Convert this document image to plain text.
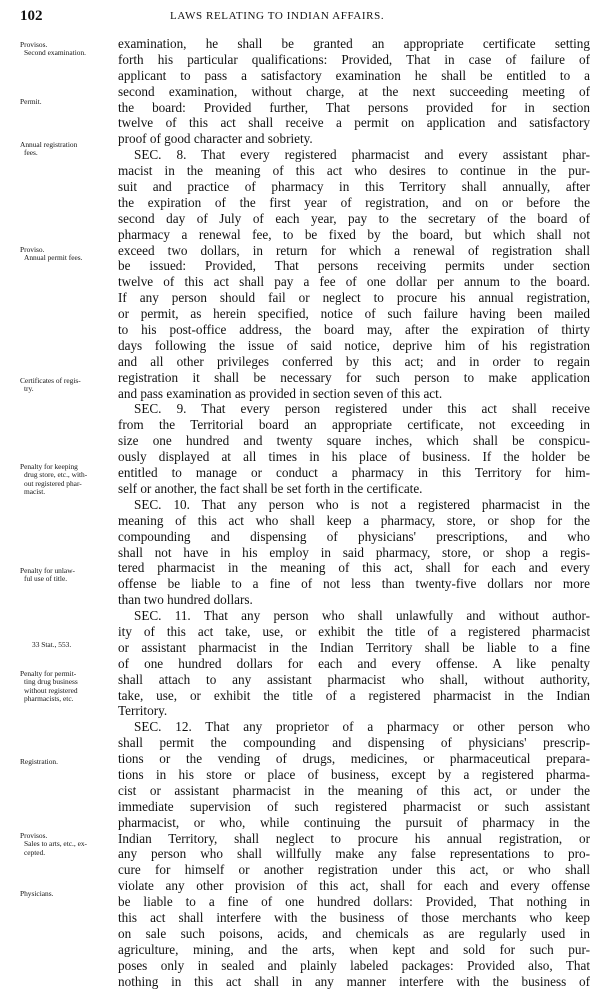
102	LAWS RELATING TO INDIAN AFFAIRS.
Provisos.
Second examination.
Permit.
Annual registration
fees.
Proviso.
Annual permit fees.
Certificates of regis-
try.
Penalty for keeping
drug store, etc., with-
out registered phar-
macist.
Penalty for unlaw-
ful use of title.
33 Stat., 553.
Penalty for permit-
ting drug business
without registered
pharmacists, etc.
Registration.
Provisos.
Sales to arts, etc., ex-
cepted.
Physicians.
examination, he shall be granted an appropriate certificate setting
forth his particular qualifications: Provided, That in case of failure of
applicant to pass a satisfactory examination he shall be entitled to a
second examination, without charge, at the next succeeding meeting of
the board: Provided further, That persons provided for in section
twelve of this act shall receive a permit on application and satisfactory
proof of good character and sobriety.
SEC. 8. That every registered pharmacist and every assistant phar-
macist in the meaning of this act who desires to continue in the pur-
suit and practice of pharmacy in this Territory shall annually, after
the expiration of the first year of registration, and on or before the
second day of July of each year, pay to the secretary of the board of
pharmacy a renewal fee, to be fixed by the board, but which shall not
exceed two dollars, in return for which a renewal of registration shall
be issued: Provided, That persons receiving permits under section
twelve of this act shall pay a fee of one dollar per annum to the board.
If any person should fail or neglect to procure his annual registration,
or permit, as herein specified, notice of such failure having been mailed
to his post-office address, the board may, after the expiration of thirty
days following the issue of said notice, deprive him of his registration
and all other privileges conferred by this act; and in order to regain
registration it shall be necessary for such person to make application
and pass examination as provided in section seven of this act.
SEC. 9. That every person registered under this act shall receive
from the Territorial board an appropriate certificate, not exceeding in
size one hundred and twenty square inches, which shall be conspicu-
ously displayed at all times in his place of business. If the holder be
entitled to manage or conduct a pharmacy in this Territory for him-
self or another, the fact shall be set forth in the certificate.
SEC. 10. That any person who is not a registered pharmacist in the
meaning of this act who shall keep a pharmacy, store, or shop for the
compounding and dispensing of physicians' prescriptions, and who
shall not have in his employ in said pharmacy, store, or shop a regis-
tered pharmacist in the meaning of this act, shall for each and every
offense be liable to a fine of not less than twenty-five dollars nor more
than two hundred dollars.
SEC. 11. That any person who shall unlawfully and without author-
ity of this act take, use, or exhibit the title of a registered pharmacist
or assistant pharmacist in the Indian Territory shall be liable to a fine
of one hundred dollars for each and every offense. A like penalty
shall attach to any assistant pharmacist who shall, without authority,
take, use, or exhibit the title of a registered pharmacist in the Indian
Territory.
SEC. 12. That any proprietor of a pharmacy or other person who
shall permit the compounding and dispensing of physicians' prescrip-
tions or the vending of drugs, medicines, or pharmaceutical prepara-
tions in his store or place of business, except by a registered pharma-
cist or assistant pharmacist in the meaning of this act, or under the
immediate supervision of such registered pharmacist or such assistant
pharmacist, or who, while continuing the pursuit of pharmacy in the
Indian Territory, shall neglect to procure his annual registration, or
any person who shall willfully make any false representations to pro-
cure for himself or another registration under this act, or who shall
violate any other provision of this act, shall for each and every offense
be liable to a fine of one hundred dollars: Provided, That nothing in
this act shall interfere with the business of those merchants who keep
on sale such poisons, acids, and chemicals as are regularly used in
agriculture, mining, and the arts, when kept and sold for such pur-
poses only in sealed and plainly labeled packages: Provided also, That
nothing in this act shall in any manner interfere with the business of
